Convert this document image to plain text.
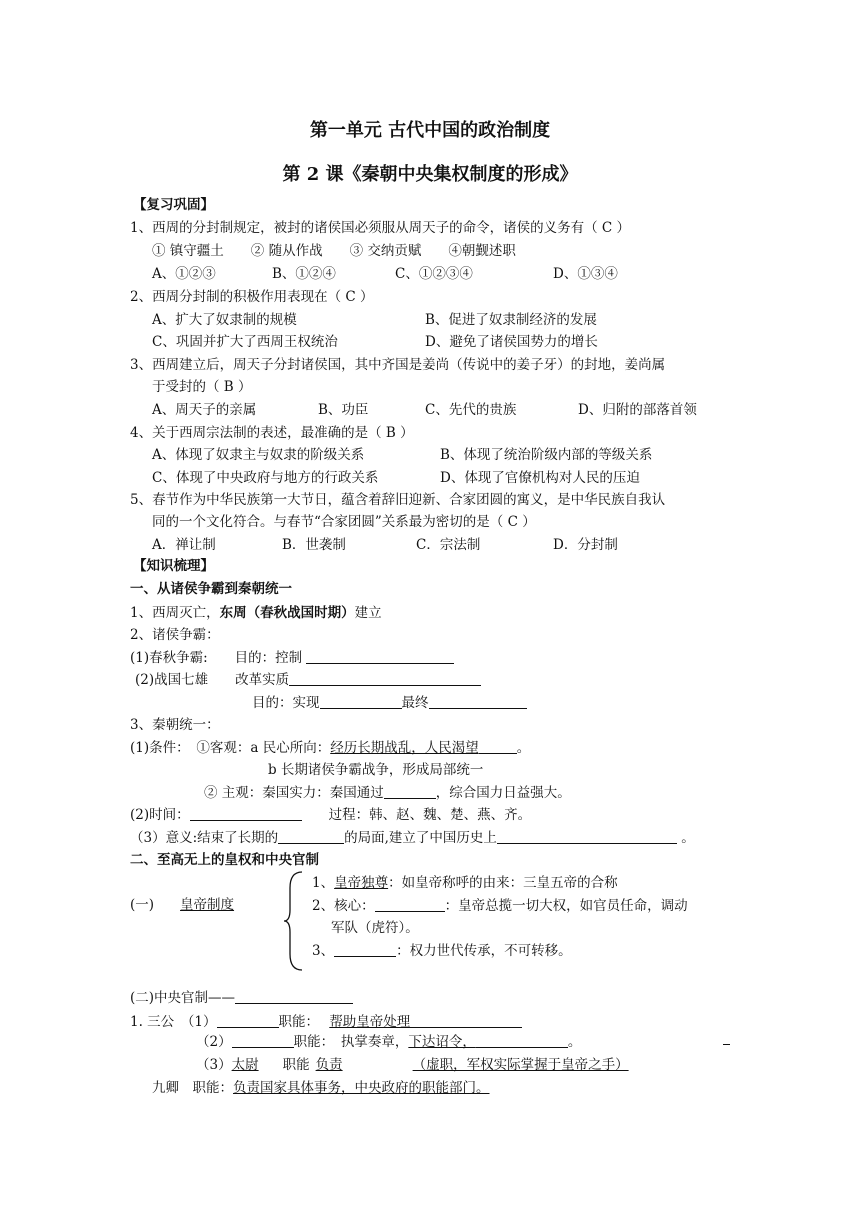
第一单元 古代中国的政治制度
第 2 课《秦朝中央集权制度的形成》
【复习巩固】
1、西周的分封制规定，被封的诸侯国必须服从周天子的命令，诸侯的义务有（ C ）
① 镇守疆土　　② 随从作战　　③ 交纳贡赋　　④朝觐述职
A、①②③	B、①②④	C、①②③④	D、①③④
2、西周分封制的积极作用表现在（ C ）
A、扩大了奴隶制的规模	B、促进了奴隶制经济的发展
C、巩固并扩大了西周王权统治	D、避免了诸侯国势力的增长
3、西周建立后，周天子分封诸侯国，其中齐国是姜尚（传说中的姜子牙）的封地，姜尚属
于受封的（ B ）
A、周天子的亲属	B、功臣	C、先代的贵族	D、归附的部落首领
4、关于西周宗法制的表述，最准确的是（ B ）
A、体现了奴隶主与奴隶的阶级关系	B、体现了统治阶级内部的等级关系
C、体现了中央政府与地方的行政关系	D、体现了官僚机构对人民的压迫
5、春节作为中华民族第一大节日，蕴含着辞旧迎新、合家团圆的寓义，是中华民族自我认
同的一个文化符合。与春节“合家团圆”关系最为密切的是（ C ）
A．禅让制	B．世袭制	C．宗法制	D．分封制
【知识梳理】
一、从诸侯争霸到秦朝统一
1、西周灭亡，东周（春秋战国时期）建立
2、诸侯争霸：
(1)春秋争霸:　　目的：控制
(2)战国七雄　　改革实质
目的：实现	最终
3、秦朝统一：
(1)条件：　①客观：a 民心所向：经历长期战乱，人民渴望	。
b 长期诸侯争霸战争，形成局部统一
② 主观：秦国实力：秦国通过	，综合国力日益强大。
(2)时间：　　	过程：韩、赵、魏、楚、燕、齐。
（3）意义:结束了长期的	的局面,建立了中国历史上	。
二、至高无上的皇权和中央官制
(一) 皇帝制度
1、皇帝独尊：如皇帝称呼的由来：三皇五帝的合称
2、核心：	：皇帝总揽一切大权，如官员任命，调动
军队（虎符）。
3、	：权力世代传承，不可转移。
(二)中央官制——
1. 三公　（1）	职能： 帮助皇帝处理
（2）	职能：　执掌奏章，下达诏令，	。
（3）太尉 职能 负责	（虚职，军权实际掌握于皇帝之手）
九卿　职能：负责国家具体事务，中央政府的职能部门。
